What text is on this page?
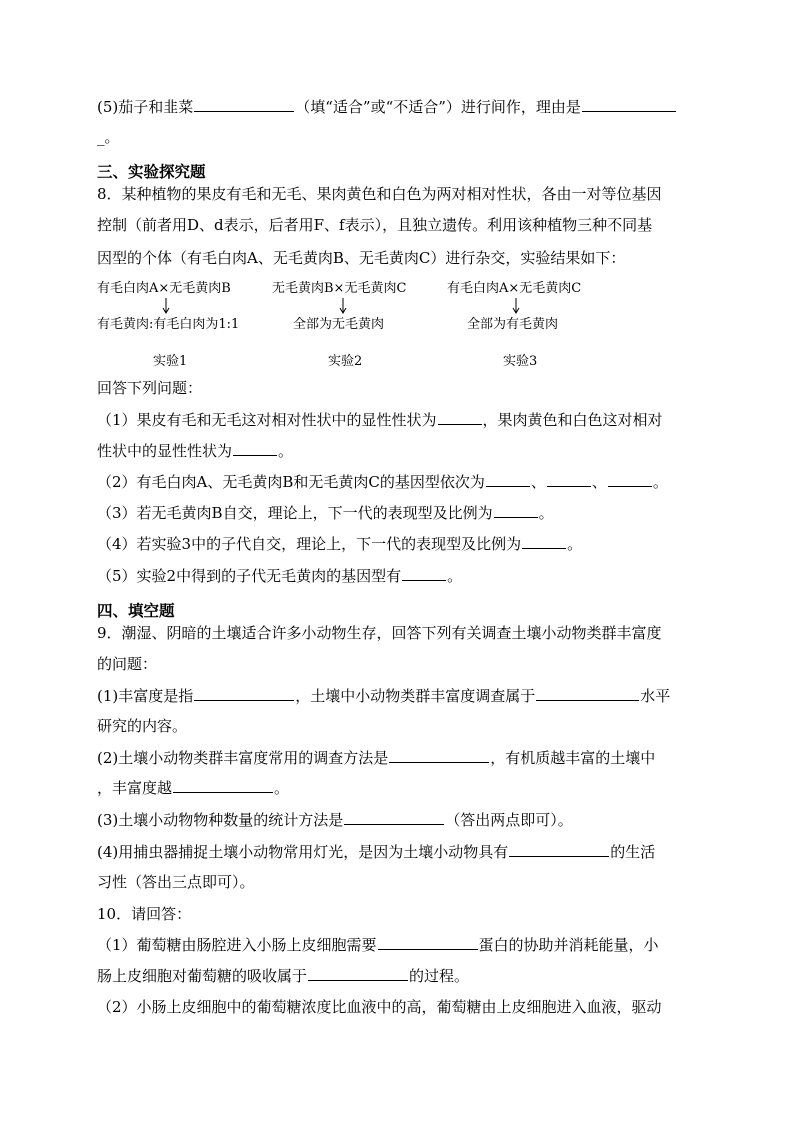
(5)茄子和韭菜	（填“适合”或“不适合”）进行间作，理由是
_。
三、实验探究题
8．某种植物的果皮有毛和无毛、果肉黄色和白色为两对相对性状，各由一对等位基因
控制（前者用D、d表示，后者用F、f表示），且独立遗传。利用该种植物三种不同基
因型的个体（有毛白肉A、无毛黄肉B、无毛黄肉C）进行杂交，实验结果如下：
有毛白肉A×无毛黄肉B	无毛黄肉B×无毛黄肉C	有毛白肉A×无毛黄肉C
有毛黄肉:有毛白肉为1:1	全部为无毛黄肉	全部为有毛黄肉
实验1	实验2	实验3
回答下列问题：
（1）果皮有毛和无毛这对相对性状中的显性性状为	，果肉黄色和白色这对相对
性状中的显性性状为	。
（2）有毛白肉A、无毛黄肉B和无毛黄肉C的基因型依次为	、	、	。
（3）若无毛黄肉B自交，理论上，下一代的表现型及比例为	。
（4）若实验3中的子代自交，理论上，下一代的表现型及比例为	。
（5）实验2中得到的子代无毛黄肉的基因型有	。
四、填空题
9．潮湿、阴暗的土壤适合许多小动物生存，回答下列有关调查土壤小动物类群丰富度
的问题：
(1)丰富度是指	，土壤中小动物类群丰富度调查属于	水平
研究的内容。
(2)土壤小动物类群丰富度常用的调查方法是	，有机质越丰富的土壤中
，丰富度越	。
(3)土壤小动物物种数量的统计方法是	（答出两点即可）。
(4)用捕虫器捕捉土壤小动物常用灯光，是因为土壤小动物具有	的生活
习性（答出三点即可）。
10．请回答：
（1）葡萄糖由肠腔进入小肠上皮细胞需要	蛋白的协助并消耗能量，小
肠上皮细胞对葡萄糖的吸收属于	的过程。
（2）小肠上皮细胞中的葡萄糖浓度比血液中的高，葡萄糖由上皮细胞进入血液，驱动
